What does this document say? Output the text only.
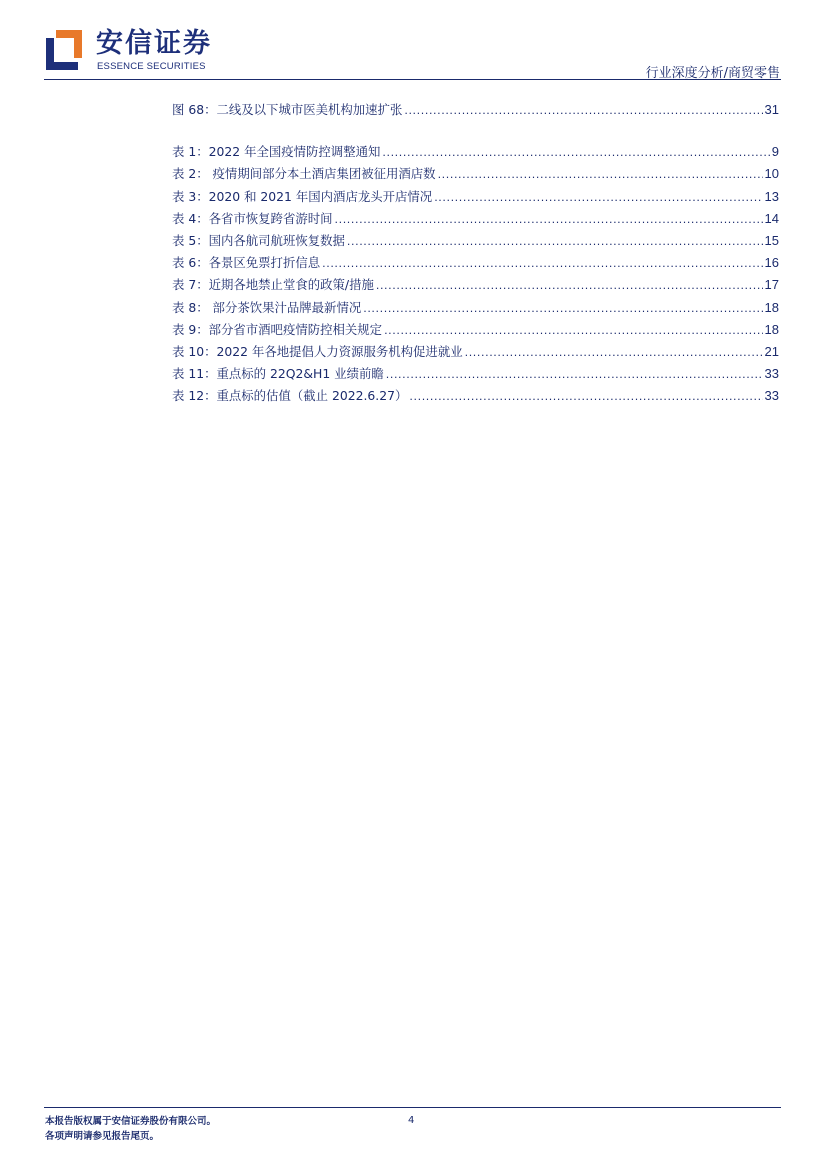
安信证券
ESSENCE SECURITIES	行业深度分析/商贸零售
图 68：二线及以下城市医美机构加速扩张 .....	31
表 1：2022 年全国疫情防控调整通知 .....	9
表 2： 疫情期间部分本土酒店集团被征用酒店数 .....	10
表 3：2020 和 2021 年国内酒店龙头开店情况 .....	13
表 4：各省市恢复跨省游时间 .....	14
表 5：国内各航司航班恢复数据 .....	15
表 6：各景区免票打折信息 .....	16
表 7：近期各地禁止堂食的政策/措施 .....	17
表 8： 部分茶饮果汁品牌最新情况 .....	18
表 9：部分省市酒吧疫情防控相关规定 .....	18
表 10：2022 年各地提倡人力资源服务机构促进就业 .....	21
表 11：重点标的 22Q2&H1 业绩前瞻 .....	33
表 12：重点标的估值（截止 2022.6.27） .....	33
本报告版权属于安信证券股份有限公司。
各项声明请参见报告尾页。
4
